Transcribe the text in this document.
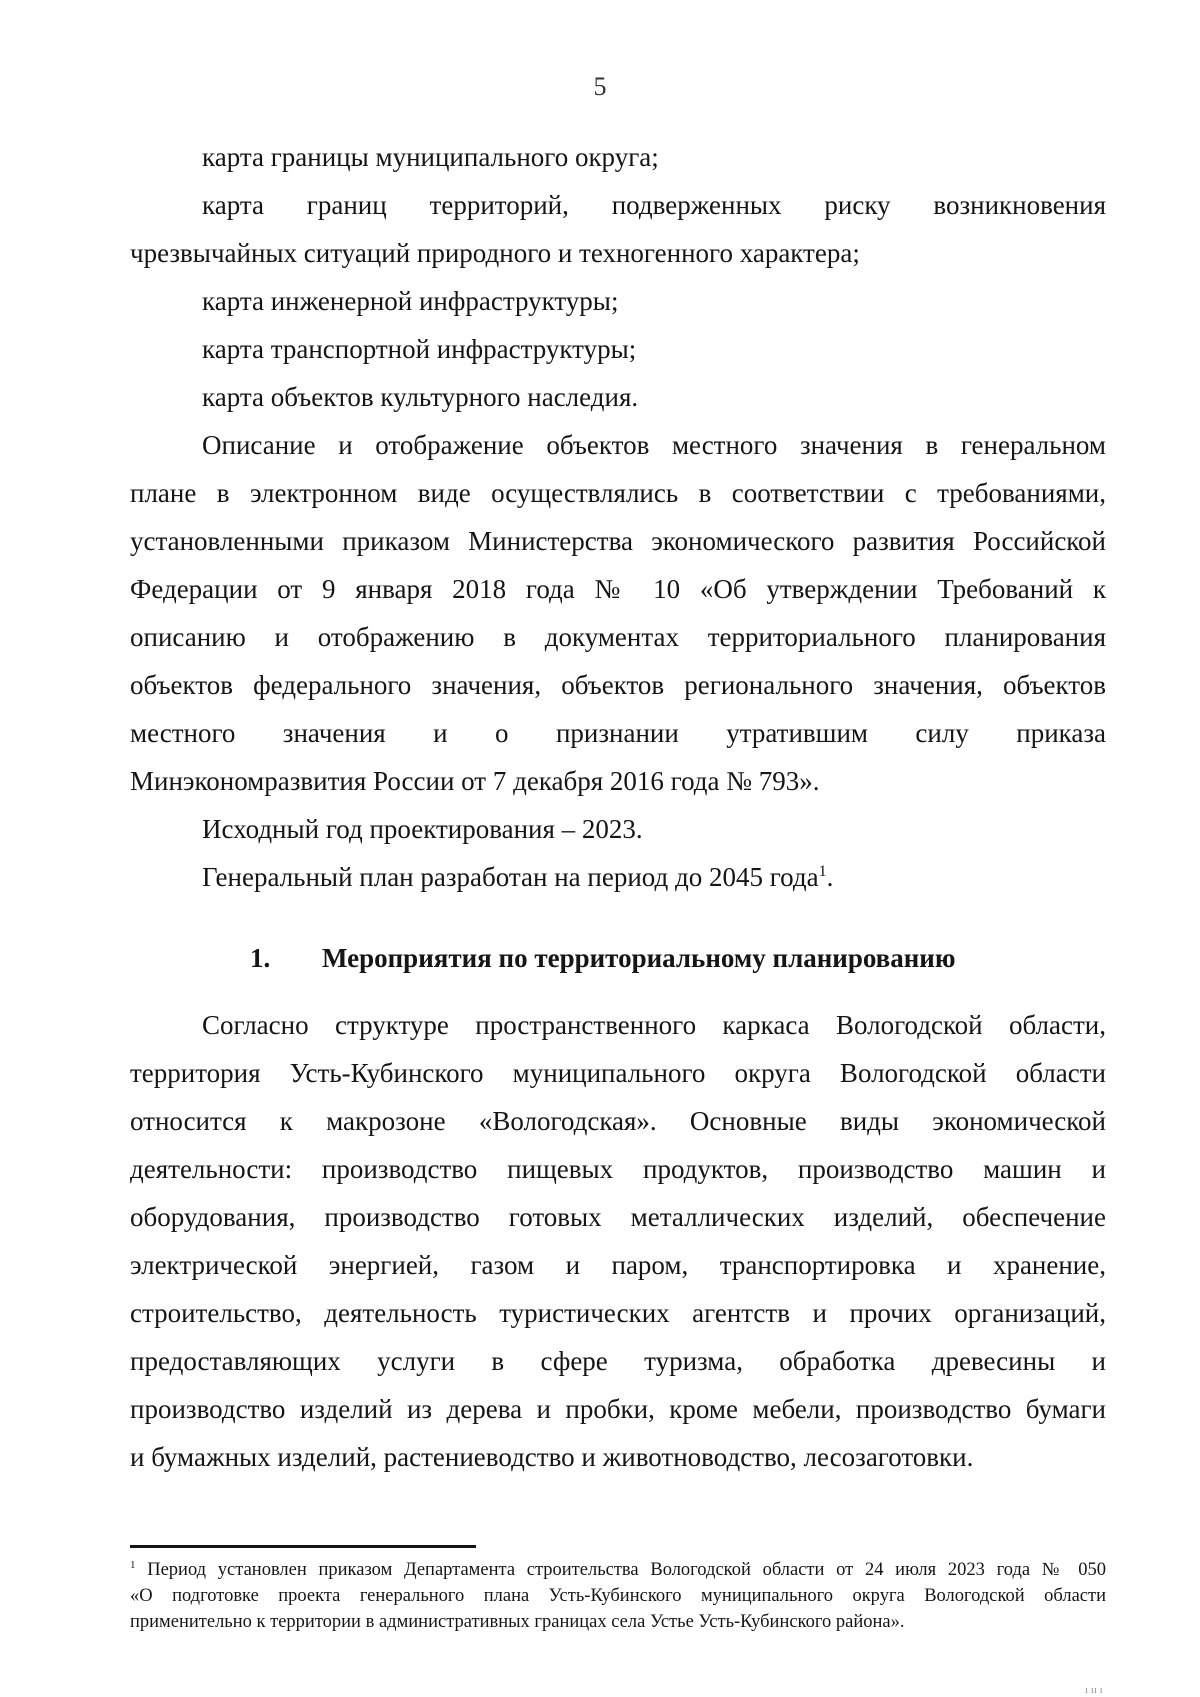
5

карта границы муниципального округа;

карта границ территорий, подверженных риску возникновения

чрезвычайных ситуаций природного и техногенного характера;

карта инженерной инфраструктуры;

карта транспортной инфраструктуры;

карта объектов культурного наследия.

Описание и отображение объектов местного значения в генеральном

плане в электронном виде осуществлялись в соответствии с требованиями,

установленными приказом Министерства экономического развития Российской

Федерации от 9 января 2018 года № 10 «Об утверждении Требований к

описанию и отображению в документах территориального планирования

объектов федерального значения, объектов регионального значения, объектов

местного значения и о признании утратившим силу приказа

Минэкономразвития России от 7 декабря 2016 года № 793».

Исходный год проектирования – 2023.

Генеральный план разработан на период до 2045 года$^1$.

1. Мероприятия по территориальному планированию

Согласно структуре пространственного каркаса Вологодской области,

территория Усть-Кубинского муниципального округа Вологодской области

относится к макрозоне «Вологодская». Основные виды экономической

деятельности: производство пищевых продуктов, производство машин и

оборудования, производство готовых металлических изделий, обеспечение

электрической энергией, газом и паром, транспортировка и хранение,

строительство, деятельность туристических агентств и прочих организаций,

предоставляющих услуги в сфере туризма, обработка древесины и

производство изделий из дерева и пробки, кроме мебели, производство бумаги

и бумажных изделий, растениеводство и животноводство, лесозаготовки.

$^1$ Период установлен приказом Департамента строительства Вологодской области от 24 июля 2023 года № 050
«О подготовке проекта генерального плана Усть-Кубинского муниципального округа Вологодской области
применительно к территории в административных границах села Устье Усть-Кубинского района».
ı ıı ı
